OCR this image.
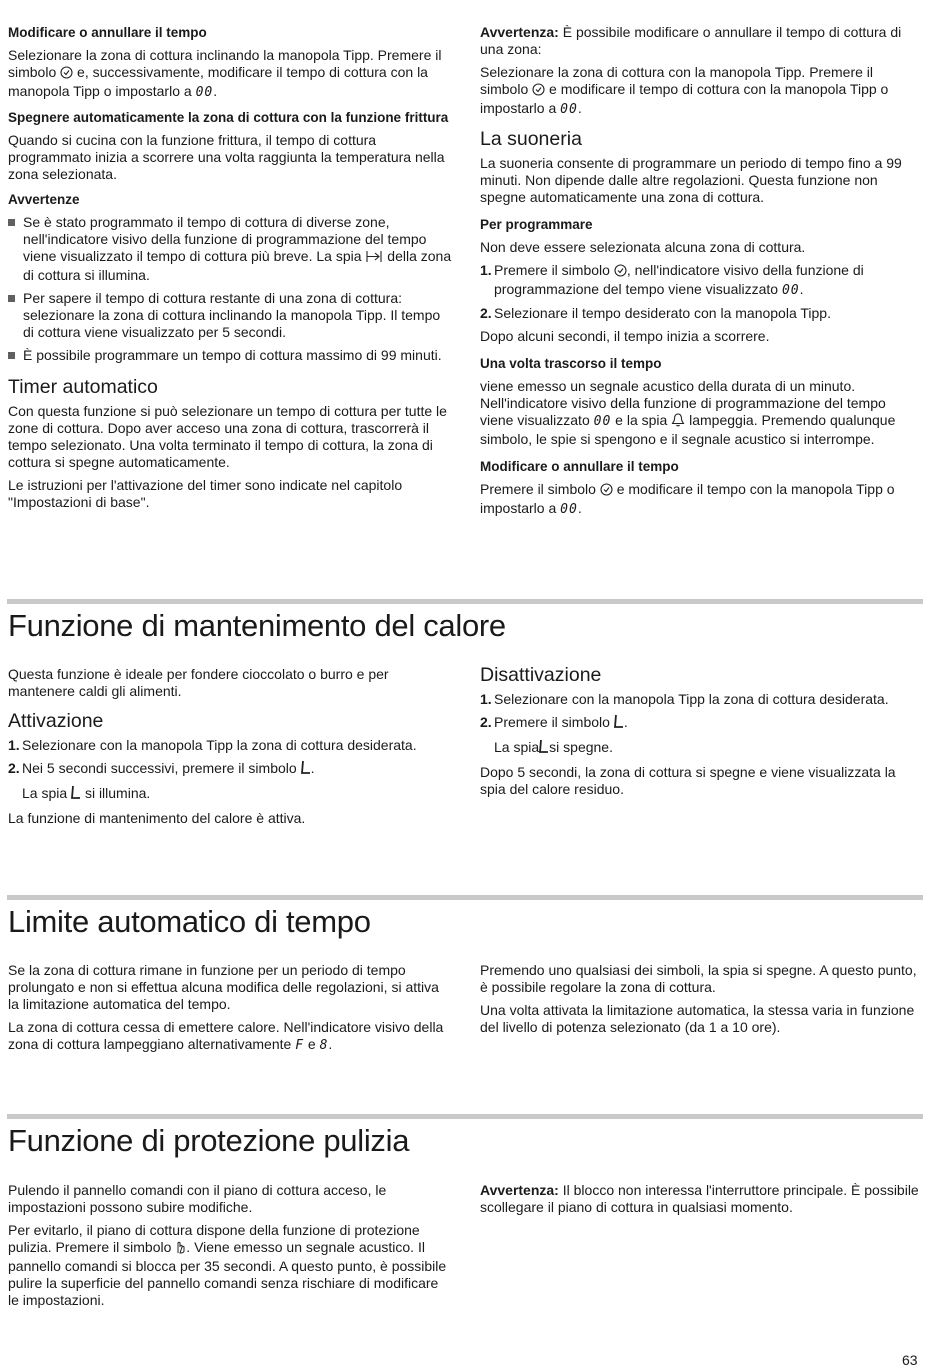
Modificare o annullare il tempo
Selezionare la zona di cottura inclinando la manopola Tipp. Premere il simbolo e, successivamente, modificare il tempo di cottura con la manopola Tipp o impostarlo a 00.
Spegnere automaticamente la zona di cottura con la funzione frittura
Quando si cucina con la funzione frittura, il tempo di cottura programmato inizia a scorrere una volta raggiunta la temperatura nella zona selezionata.
Avvertenze
Se è stato programmato il tempo di cottura di diverse zone, nell'indicatore visivo della funzione di programmazione del tempo viene visualizzato il tempo di cottura più breve. La spia della zona di cottura si illumina.
Per sapere il tempo di cottura restante di una zona di cottura: selezionare la zona di cottura inclinando la manopola Tipp. Il tempo di cottura viene visualizzato per 5 secondi.
È possibile programmare un tempo di cottura massimo di 99 minuti.
Timer automatico
Con questa funzione si può selezionare un tempo di cottura per tutte le zone di cottura. Dopo aver acceso una zona di cottura, trascorrerà il tempo selezionato. Una volta terminato il tempo di cottura, la zona di cottura si spegne automaticamente.
Le istruzioni per l'attivazione del timer sono indicate nel capitolo "Impostazioni di base".
Avvertenza: È possibile modificare o annullare il tempo di cottura di una zona:
Selezionare la zona di cottura con la manopola Tipp. Premere il simbolo e modificare il tempo di cottura con la manopola Tipp o impostarlo a 00.
La suoneria
La suoneria consente di programmare un periodo di tempo fino a 99 minuti. Non dipende dalle altre regolazioni. Questa funzione non spegne automaticamente una zona di cottura.
Per programmare
Non deve essere selezionata alcuna zona di cottura.
1. Premere il simbolo , nell'indicatore visivo della funzione di programmazione del tempo viene visualizzato 00.
2. Selezionare il tempo desiderato con la manopola Tipp.
Dopo alcuni secondi, il tempo inizia a scorrere.
Una volta trascorso il tempo
viene emesso un segnale acustico della durata di un minuto. Nell'indicatore visivo della funzione di programmazione del tempo viene visualizzato 00 e la spia lampeggia. Premendo qualunque simbolo, le spie si spengono e il segnale acustico si interrompe.
Modificare o annullare il tempo
Premere il simbolo e modificare il tempo con la manopola Tipp o impostarlo a 00.
Funzione di mantenimento del calore
Questa funzione è ideale per fondere cioccolato o burro e per mantenere caldi gli alimenti.
Attivazione
1. Selezionare con la manopola Tipp la zona di cottura desiderata.
2. Nei 5 secondi successivi, premere il simbolo .
La spia si illumina.
La funzione di mantenimento del calore è attiva.
Disattivazione
1. Selezionare con la manopola Tipp la zona di cottura desiderata.
2. Premere il simbolo .
La spia si spegne.
Dopo 5 secondi, la zona di cottura si spegne e viene visualizzata la spia del calore residuo.
Limite automatico di tempo
Se la zona di cottura rimane in funzione per un periodo di tempo prolungato e non si effettua alcuna modifica delle regolazioni, si attiva la limitazione automatica del tempo.
La zona di cottura cessa di emettere calore. Nell'indicatore visivo della zona di cottura lampeggiano alternativamente F e 8.
Premendo uno qualsiasi dei simboli, la spia si spegne. A questo punto, è possibile regolare la zona di cottura.
Una volta attivata la limitazione automatica, la stessa varia in funzione del livello di potenza selezionato (da 1 a 10 ore).
Funzione di protezione pulizia
Pulendo il pannello comandi con il piano di cottura acceso, le impostazioni possono subire modifiche.
Per evitarlo, il piano di cottura dispone della funzione di protezione pulizia. Premere il simbolo . Viene emesso un segnale acustico. Il pannello comandi si blocca per 35 secondi. A questo punto, è possibile pulire la superficie del pannello comandi senza rischiare di modificare le impostazioni.
Avvertenza: Il blocco non interessa l'interruttore principale. È possibile scollegare il piano di cottura in qualsiasi momento.
63
